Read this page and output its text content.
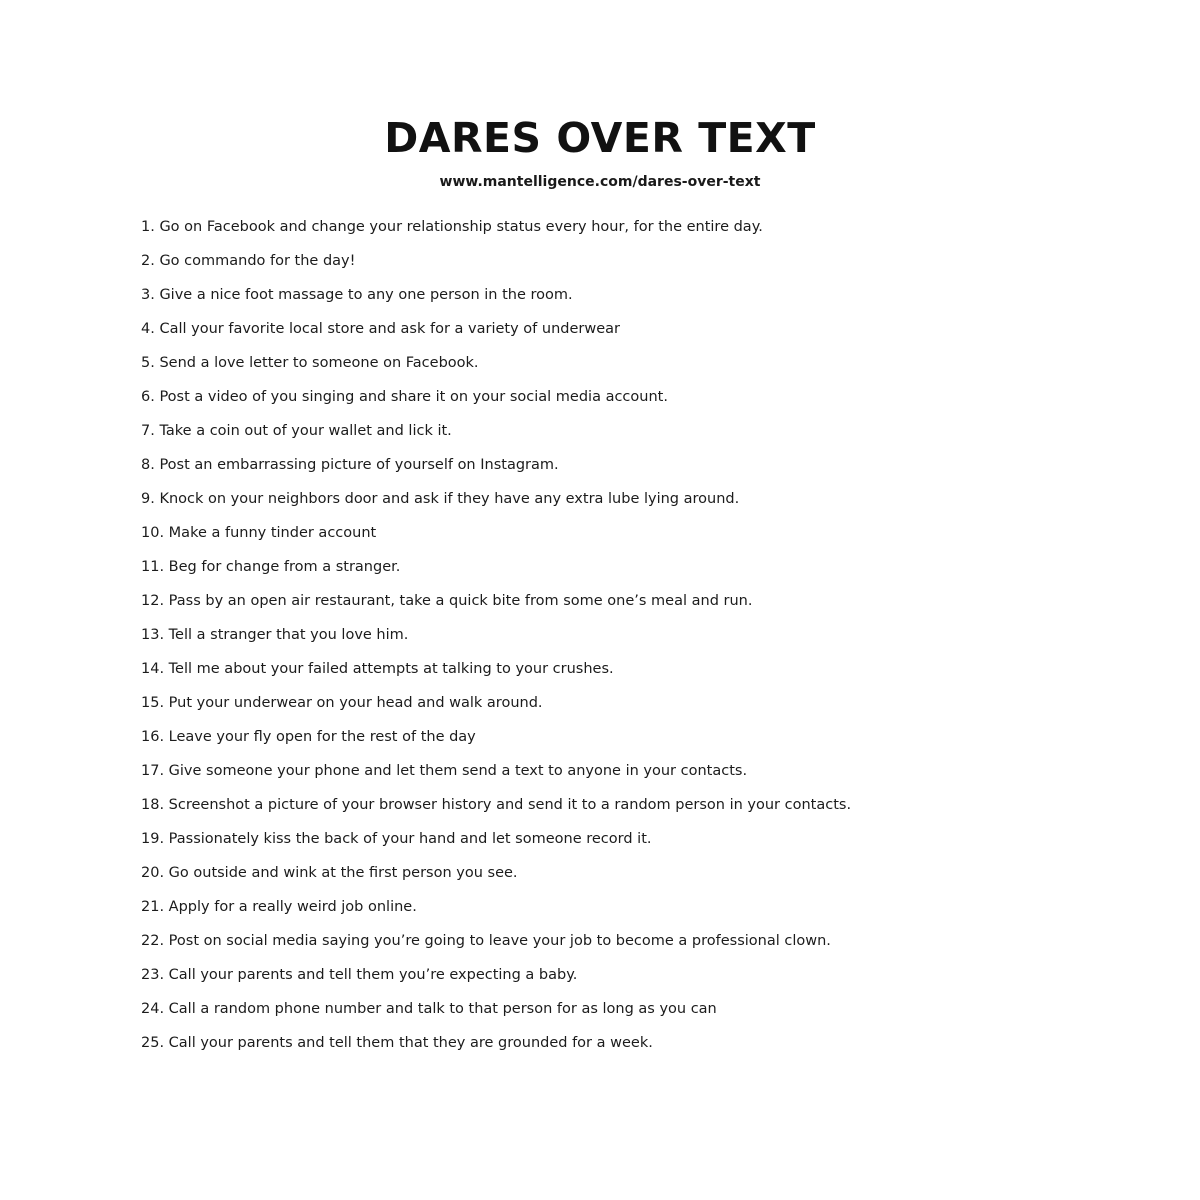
DARES OVER TEXT
www.mantelligence.com/dares-over-text
1. Go on Facebook and change your relationship status every hour, for the entire day.
2. Go commando for the day!
3. Give a nice foot massage to any one person in the room.
4. Call your favorite local store and ask for a variety of underwear
5. Send a love letter to someone on Facebook.
6. Post a video of you singing and share it on your social media account.
7. Take a coin out of your wallet and lick it.
8. Post an embarrassing picture of yourself on Instagram.
9. Knock on your neighbors door and ask if they have any extra lube lying around.
10. Make a funny tinder account
11. Beg for change from a stranger.
12. Pass by an open air restaurant, take a quick bite from some one’s meal and run.
13. Tell a stranger that you love him.
14. Tell me about your failed attempts at talking to your crushes.
15. Put your underwear on your head and walk around.
16. Leave your fly open for the rest of the day
17. Give someone your phone and let them send a text to anyone in your contacts.
18. Screenshot a picture of your browser history and send it to a random person in your contacts.
19. Passionately kiss the back of your hand and let someone record it.
20. Go outside and wink at the first person you see.
21. Apply for a really weird job online.
22. Post on social media saying you’re going to leave your job to become a professional clown.
23. Call your parents and tell them you’re expecting a baby.
24. Call a random phone number and talk to that person for as long as you can
25. Call your parents and tell them that they are grounded for a week.
